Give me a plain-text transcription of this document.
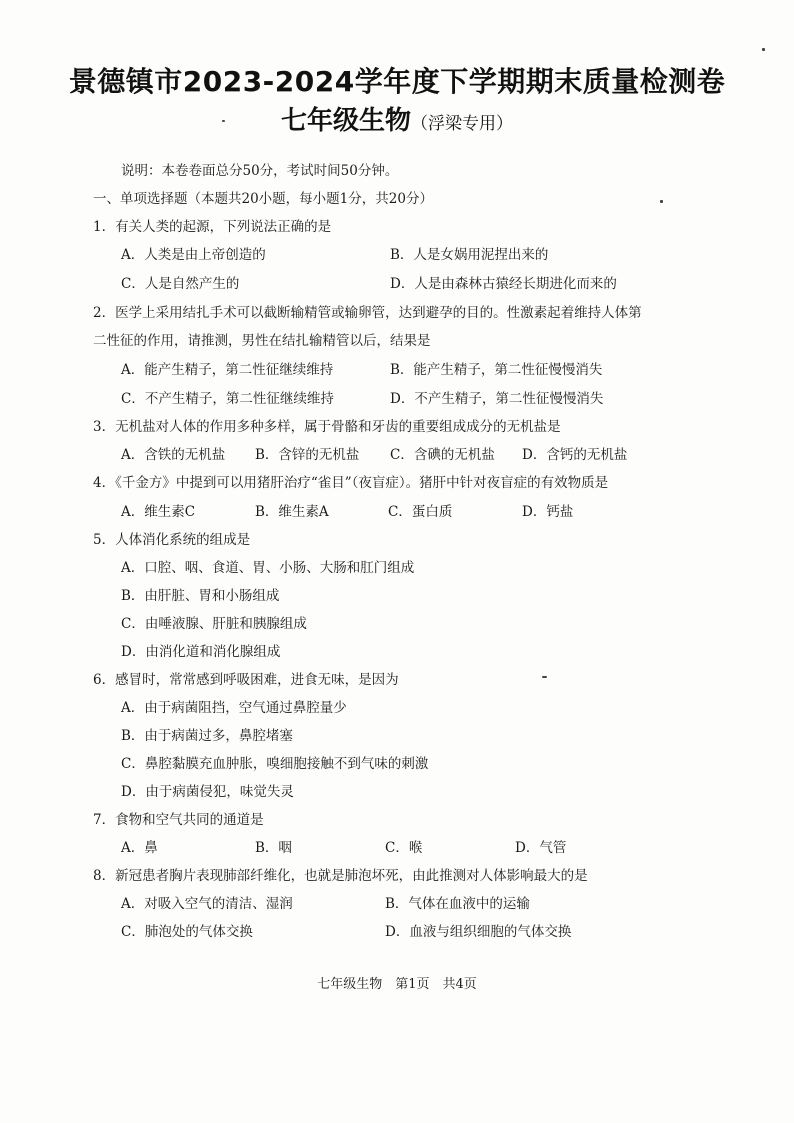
景德镇市2023-2024学年度下学期期末质量检测卷
七年级生物（浮梁专用）
说明：本卷卷面总分50分，考试时间50分钟。
一、单项选择题（本题共20小题，每小题1分，共20分）
1．有关人类的起源，下列说法正确的是
A．人类是由上帝创造的	B．人是女娲用泥捏出来的
C．人是自然产生的	D．人是由森林古猿经长期进化而来的
2．医学上采用结扎手术可以截断输精管或输卵管，达到避孕的目的。性激素起着维持人体第
二性征的作用，请推测，男性在结扎输精管以后，结果是
A．能产生精子，第二性征继续维持	B．能产生精子，第二性征慢慢消失
C．不产生精子，第二性征继续维持	D．不产生精子，第二性征慢慢消失
3．无机盐对人体的作用多种多样，属于骨骼和牙齿的重要组成成分的无机盐是
A．含铁的无机盐 B．含锌的无机盐 C．含碘的无机盐 D．含钙的无机盐
4．《千金方》中提到可以用猪肝治疗“雀目”（夜盲症）。猪肝中针对夜盲症的有效物质是
A．维生素C	B．维生素A	C．蛋白质	D．钙盐
5．人体消化系统的组成是
A．口腔、咽、食道、胃、小肠、大肠和肛门组成
B．由肝脏、胃和小肠组成
C．由唾液腺、肝脏和胰腺组成
D．由消化道和消化腺组成
6．感冒时，常常感到呼吸困难，进食无味，是因为
A．由于病菌阻挡，空气通过鼻腔量少
B．由于病菌过多，鼻腔堵塞
C．鼻腔黏膜充血肿胀，嗅细胞接触不到气味的刺激
D．由于病菌侵犯，味觉失灵
7．食物和空气共同的通道是
A．鼻	B．咽	C．喉	D．气管
8．新冠患者胸片表现肺部纤维化，也就是肺泡坏死，由此推测对人体影响最大的是
A．对吸入空气的清洁、湿润	B．气体在血液中的运输
C．肺泡处的气体交换	D．血液与组织细胞的气体交换
七年级生物　第1页　共4页
